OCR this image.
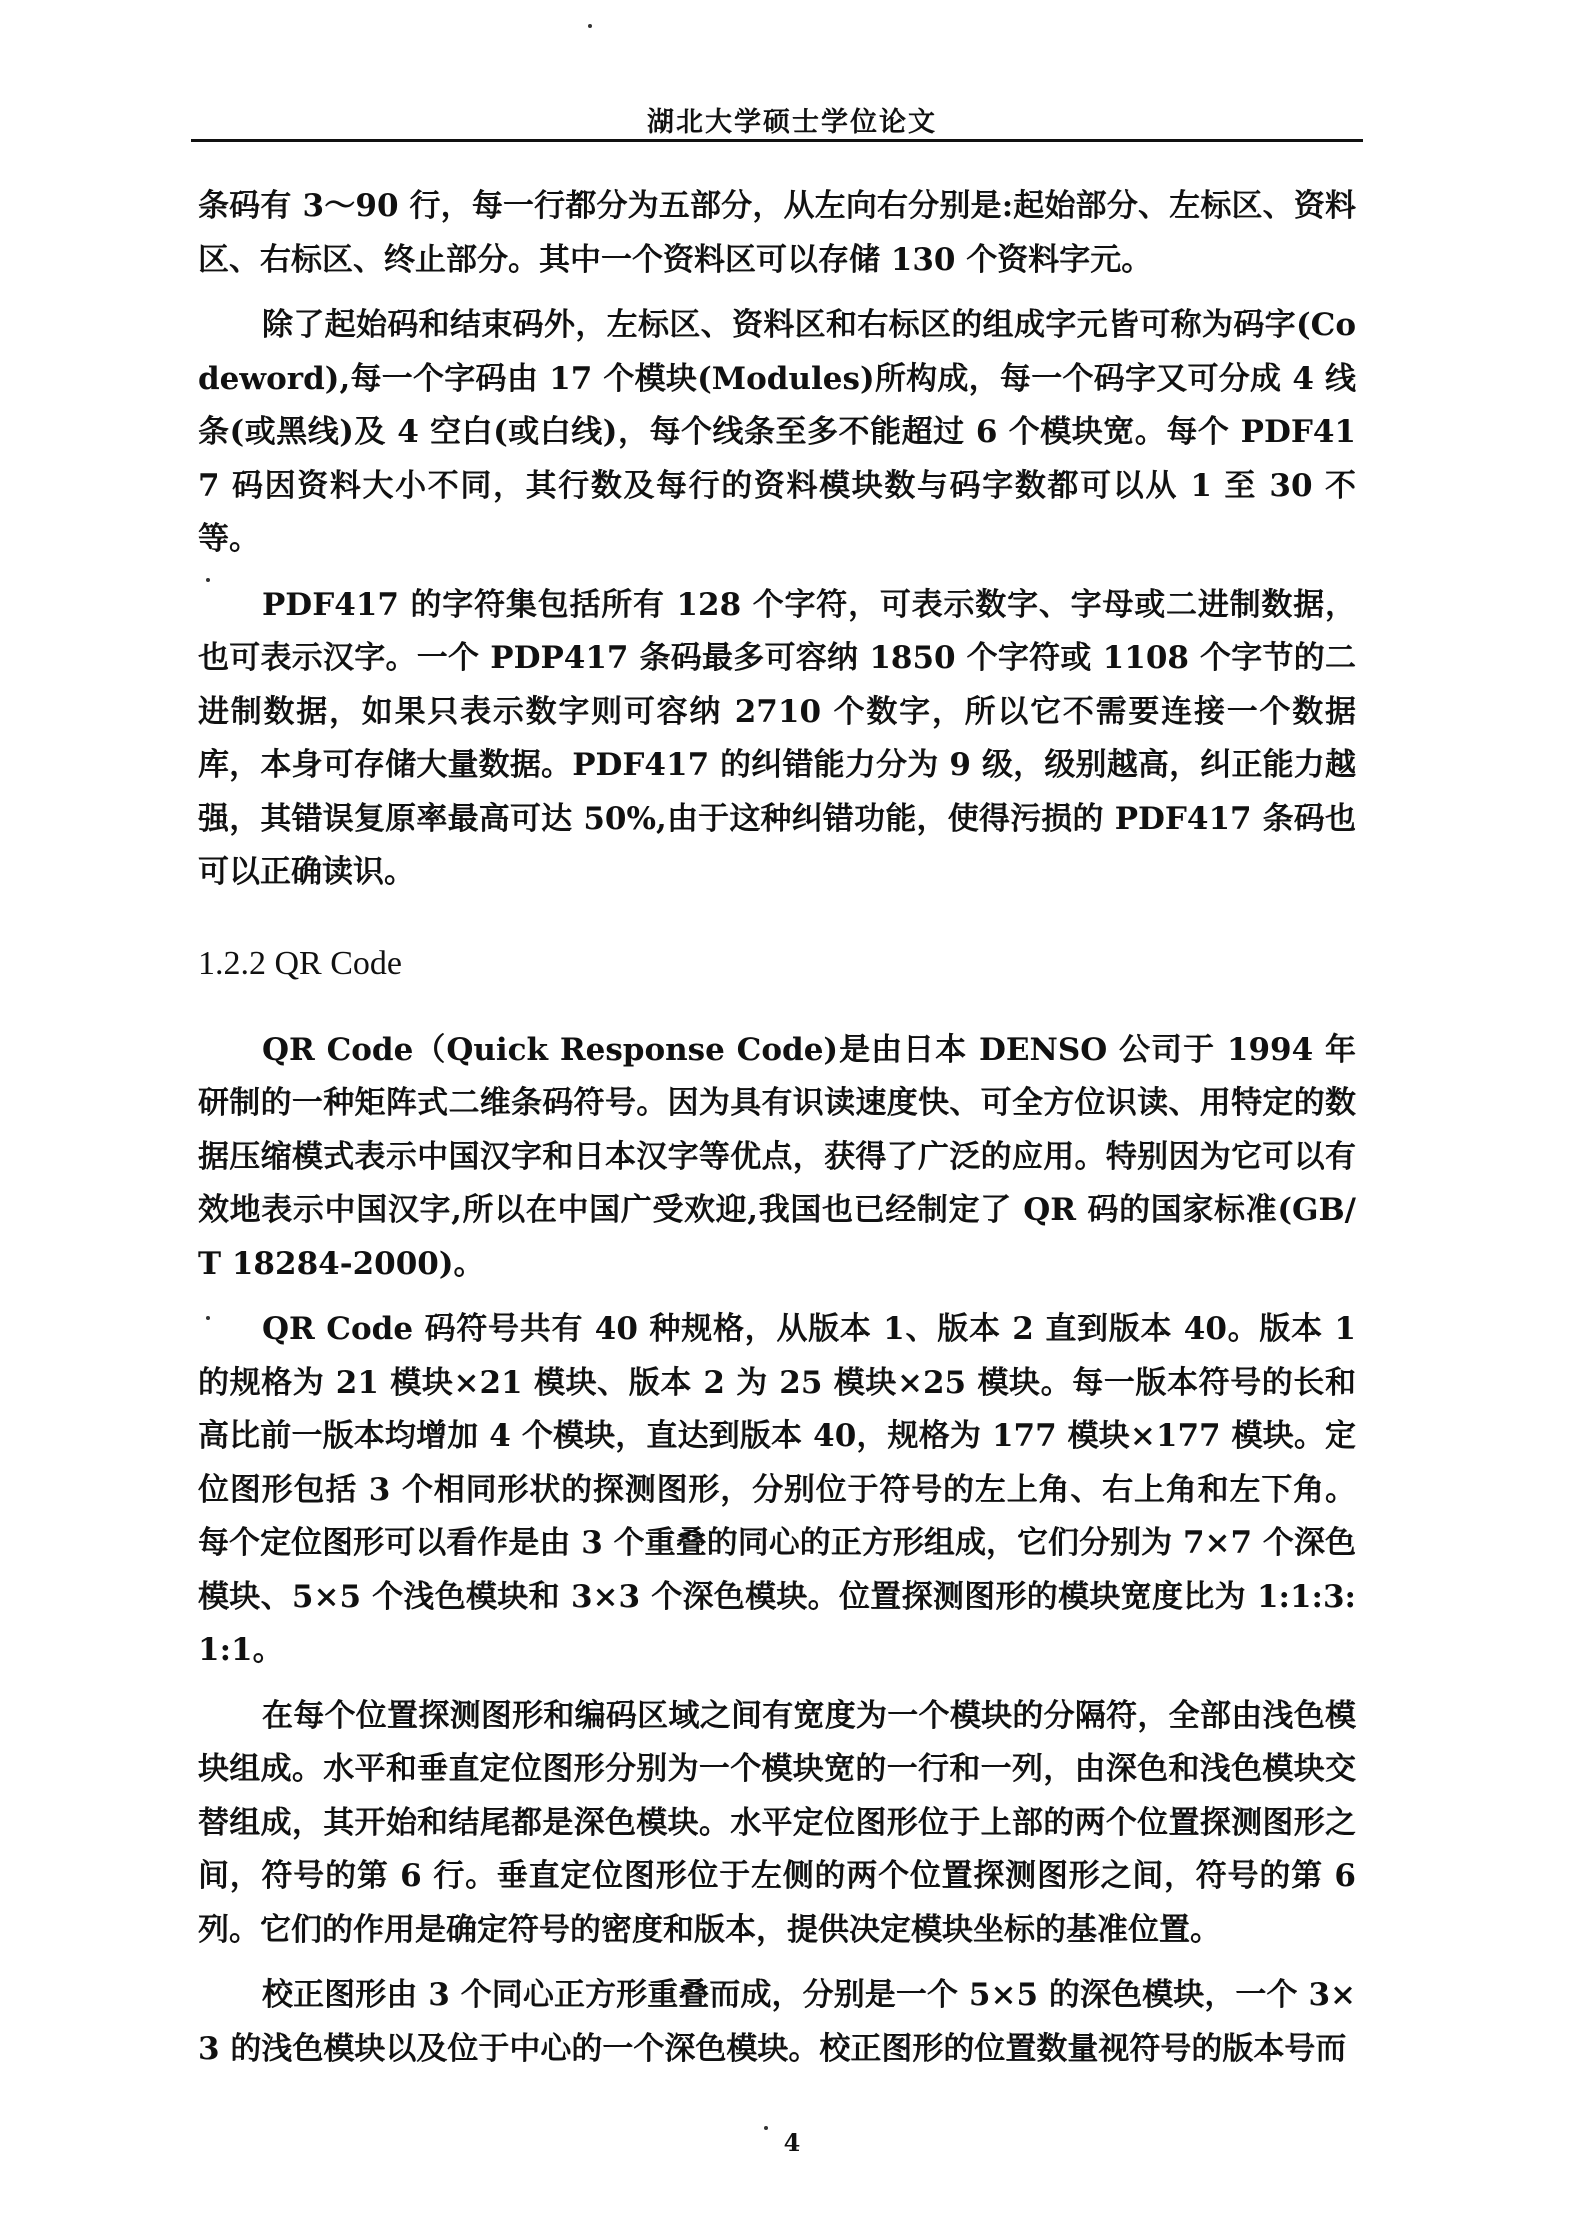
湖北大学硕士学位论文

条码有 3～90 行，每一行都分为五部分，从左向右分别是:起始部分、左标区、资料区、右标区、终止部分。其中一个资料区可以存储 130 个资料字元。

除了起始码和结束码外，左标区、资料区和右标区的组成字元皆可称为码字(Codeword),每一个字码由 17 个模块(Modules)所构成，每一个码字又可分成 4 线条(或黑线)及 4 空白(或白线)，每个线条至多不能超过 6 个模块宽。每个 PDF417 码因资料大小不同，其行数及每行的资料模块数与码字数都可以从 1 至 30 不等。

PDF417 的字符集包括所有 128 个字符，可表示数字、字母或二进制数据，也可表示汉字。一个 PDP417 条码最多可容纳 1850 个字符或 1108 个字节的二进制数据，如果只表示数字则可容纳 2710 个数字，所以它不需要连接一个数据库，本身可存储大量数据。PDF417 的纠错能力分为 9 级，级别越高，纠正能力越强，其错误复原率最高可达 50%,由于这种纠错功能，使得污损的 PDF417 条码也可以正确读识。

1.2.2 QR Code

QR Code（Quick Response Code)是由日本 DENSO 公司于 1994 年研制的一种矩阵式二维条码符号。因为具有识读速度快、可全方位识读、用特定的数据压缩模式表示中国汉字和日本汉字等优点，获得了广泛的应用。特别因为它可以有效地表示中国汉字,所以在中国广受欢迎,我国也已经制定了 QR 码的国家标准(GB/T 18284-2000)。

QR Code 码符号共有 40 种规格，从版本 1、版本 2 直到版本 40。版本 1 的规格为 21 模块×21 模块、版本 2 为 25 模块×25 模块。每一版本符号的长和高比前一版本均增加 4 个模块，直达到版本 40，规格为 177 模块×177 模块。定位图形包括 3 个相同形状的探测图形，分别位于符号的左上角、右上角和左下角。每个定位图形可以看作是由 3 个重叠的同心的正方形组成，它们分别为 7×7 个深色模块、5×5 个浅色模块和 3×3 个深色模块。位置探测图形的模块宽度比为 1:1:3:1:1。

在每个位置探测图形和编码区域之间有宽度为一个模块的分隔符，全部由浅色模块组成。水平和垂直定位图形分别为一个模块宽的一行和一列，由深色和浅色模块交替组成，其开始和结尾都是深色模块。水平定位图形位于上部的两个位置探测图形之间，符号的第 6 行。垂直定位图形位于左侧的两个位置探测图形之间，符号的第 6 列。它们的作用是确定符号的密度和版本，提供决定模块坐标的基准位置。

校正图形由 3 个同心正方形重叠而成，分别是一个 5×5 的深色模块，一个 3×3 的浅色模块以及位于中心的一个深色模块。校正图形的位置数量视符号的版本号而

4
